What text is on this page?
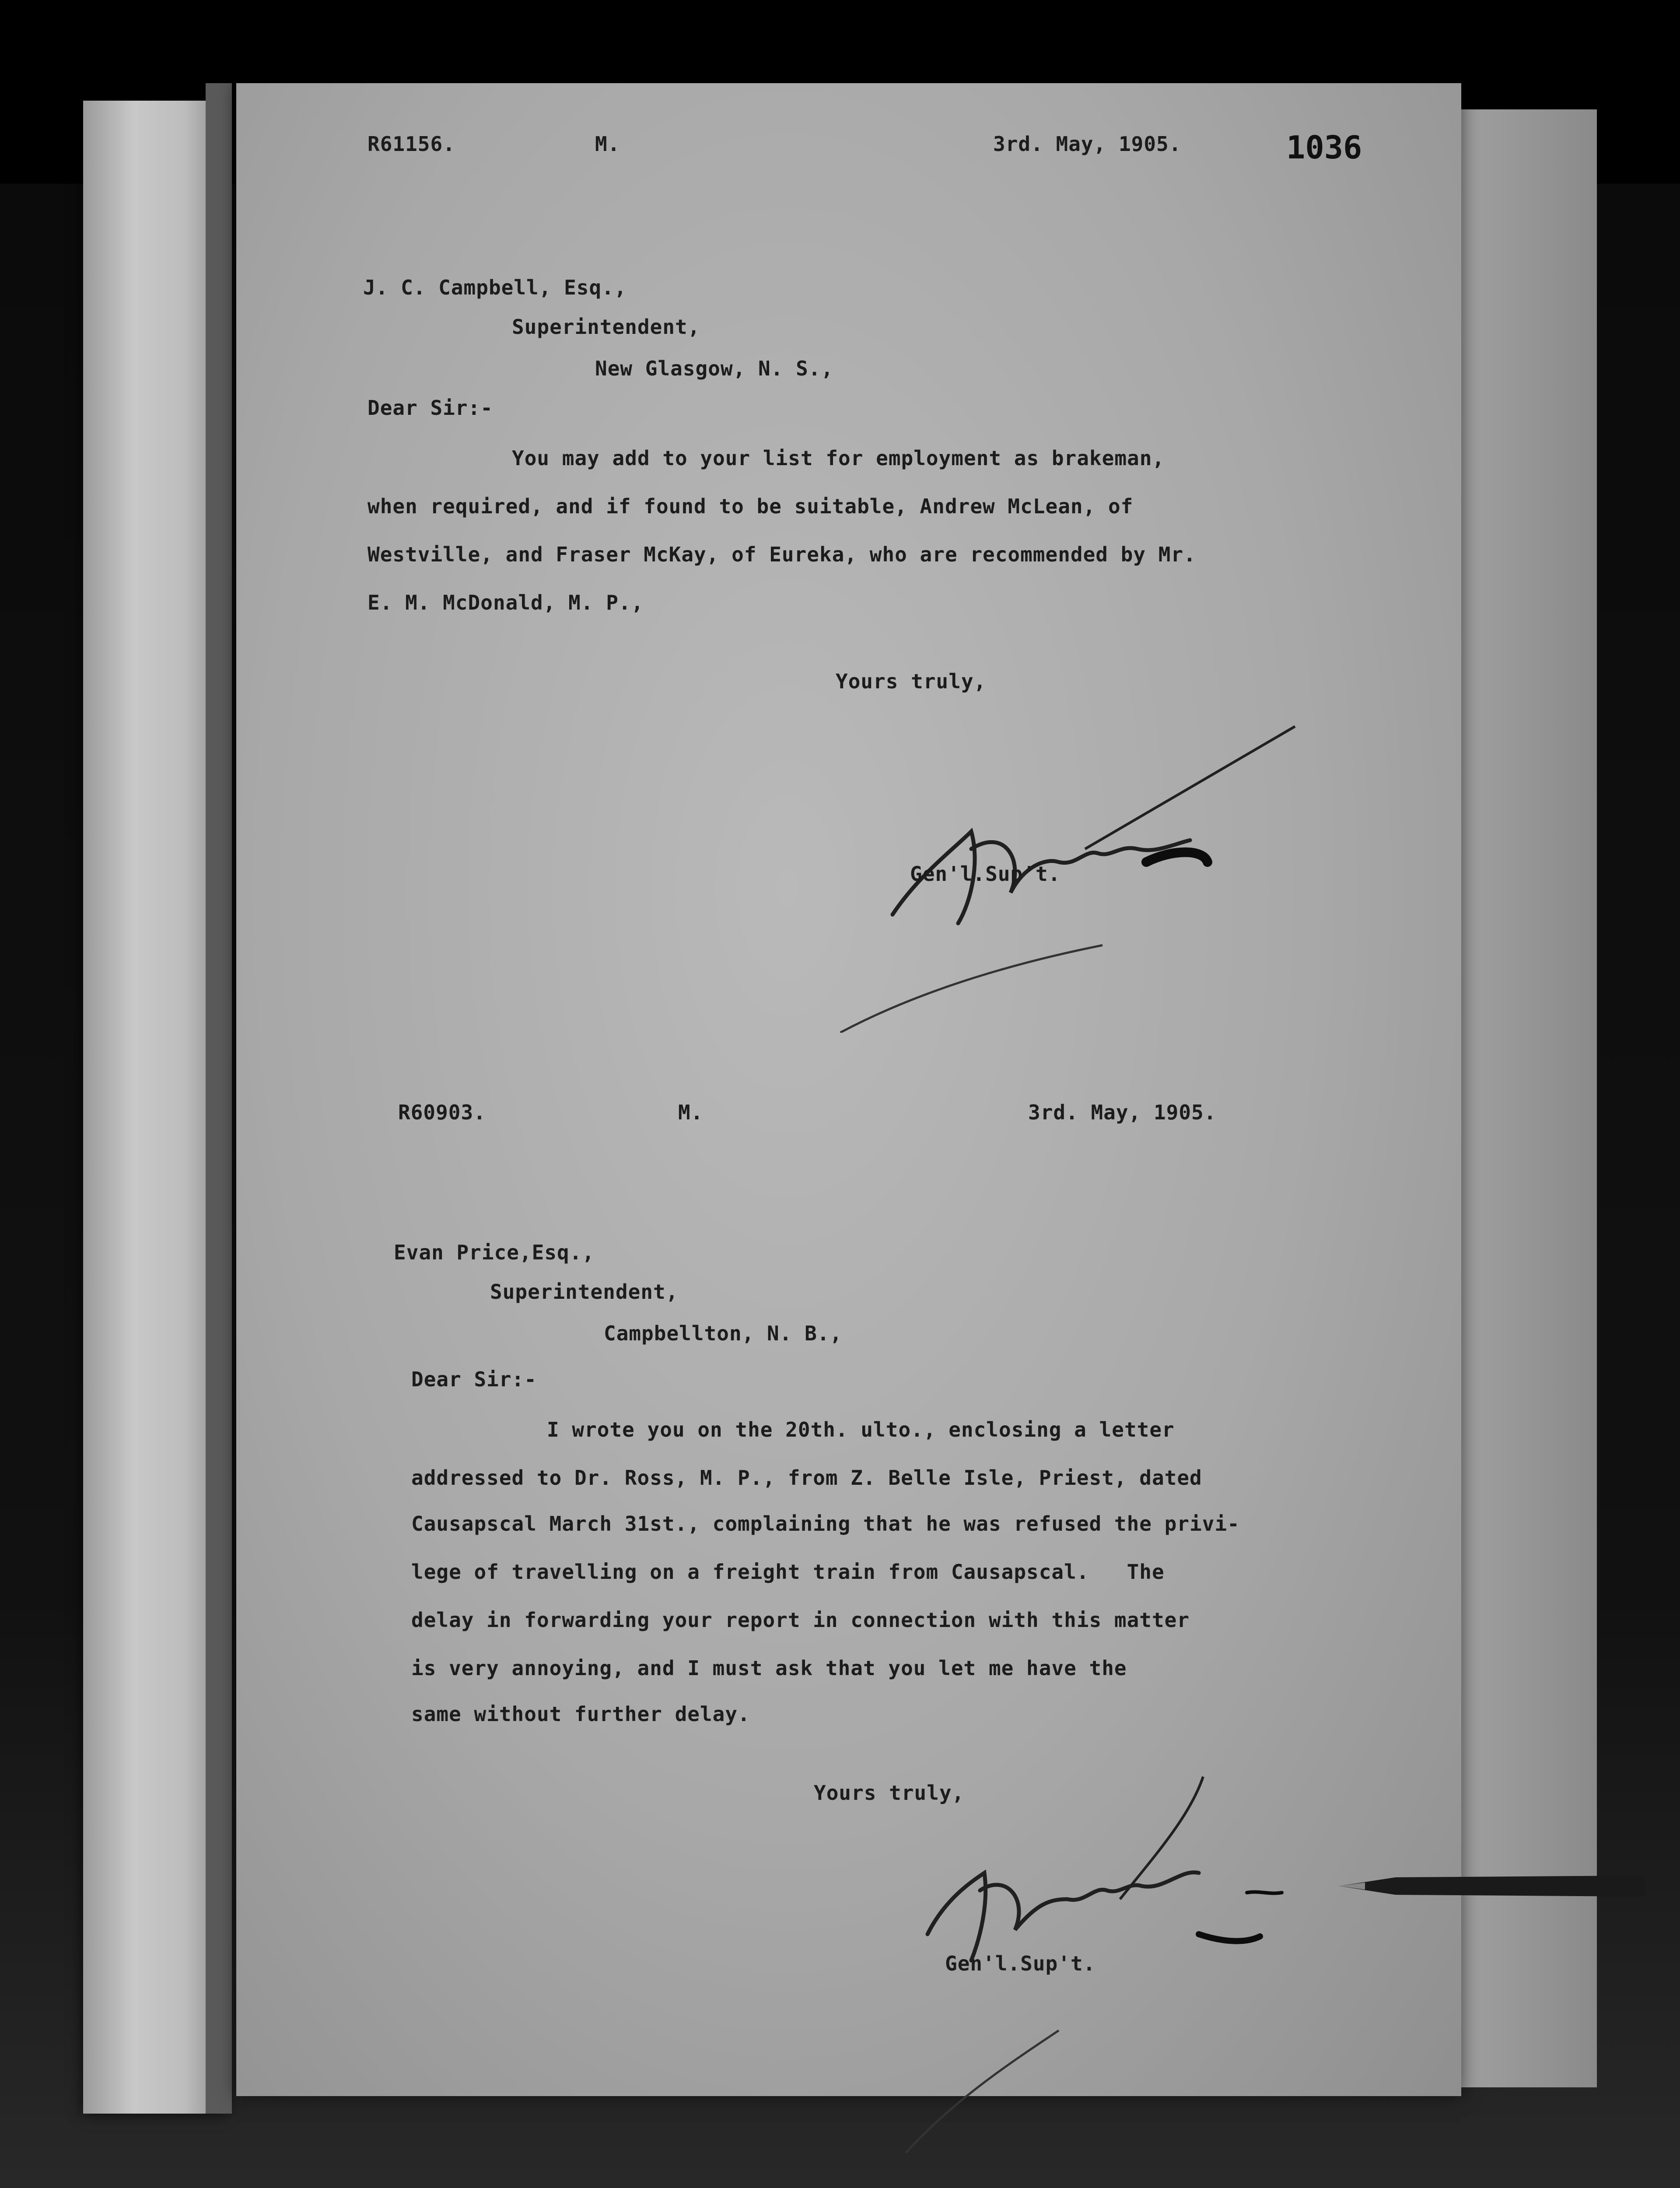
1036
R61156.	M.	3rd. May, 1905.
J. C. Campbell, Esq.,
Superintendent,
New Glasgow, N. S.,
Dear Sir:-
You may add to your list for employment as brakeman,
when required, and if found to be suitable, Andrew McLean, of
Westville, and Fraser McKay, of Eureka, who are recommended by Mr.
E. M. McDonald, M. P.,
Yours truly,
Gen'l.Sup't.
R60903.	M.	3rd. May, 1905.
Evan Price,Esq.,
Superintendent,
Campbellton, N. B.,
Dear Sir:-
I wrote you on the 20th. ulto., enclosing a letter
addressed to Dr. Ross, M. P., from Z. Belle Isle, Priest, dated
Causapscal March 31st., complaining that he was refused the privi-
lege of travelling on a freight train from Causapscal.   The
delay in forwarding your report in connection with this matter
is very annoying, and I must ask that you let me have the
same without further delay.
Yours truly,
Gen'l.Sup't.
